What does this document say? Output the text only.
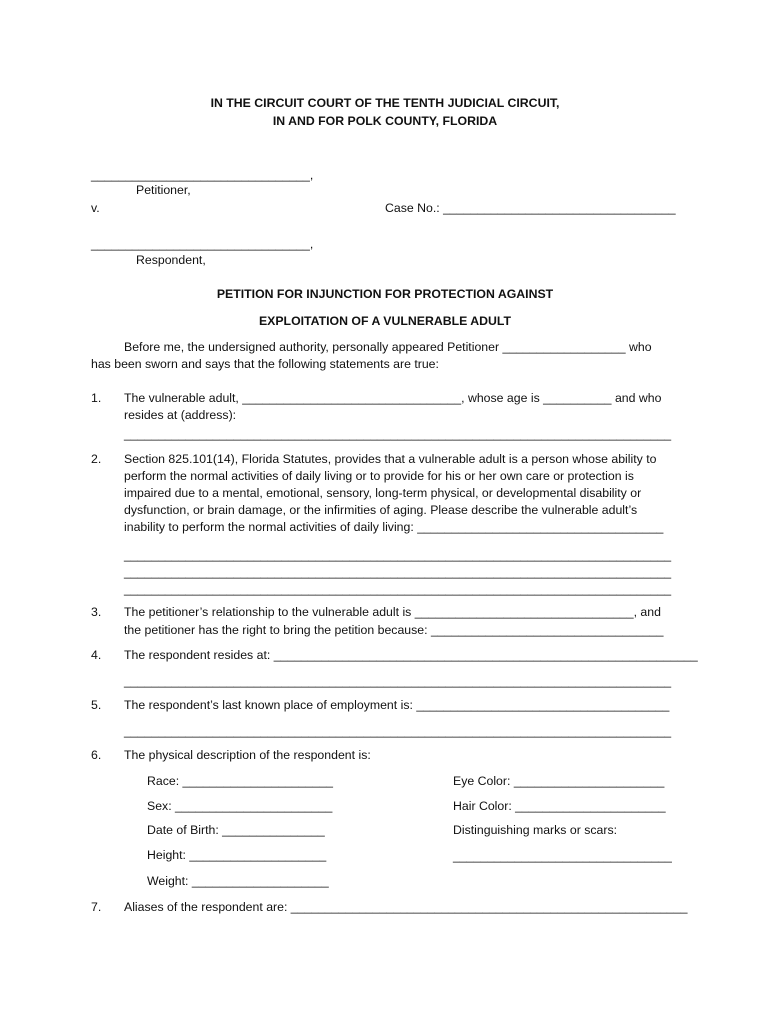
IN THE CIRCUIT COURT OF THE TENTH JUDICIAL CIRCUIT,
IN AND FOR POLK COUNTY, FLORIDA
________________________________,
Petitioner,
v.	Case No.: __________________________________
________________________________,
Respondent,
PETITION FOR INJUNCTION FOR PROTECTION AGAINST
EXPLOITATION OF A VULNERABLE ADULT
Before me, the undersigned authority, personally appeared Petitioner __________________ who
has been sworn and says that the following statements are true:
1. The vulnerable adult, ________________________________, whose age is __________ and who
resides at (address):
________________________________________________________________________________
2. Section 825.101(14), Florida Statutes, provides that a vulnerable adult is a person whose ability to
perform the normal activities of daily living or to provide for his or her own care or protection is
impaired due to a mental, emotional, sensory, long-term physical, or developmental disability or
dysfunction, or brain damage, or the infirmities of aging. Please describe the vulnerable adult’s
inability to perform the normal activities of daily living: ____________________________________
________________________________________________________________________________
________________________________________________________________________________
________________________________________________________________________________
3. The petitioner’s relationship to the vulnerable adult is ________________________________, and
the petitioner has the right to bring the petition because: __________________________________
4. The respondent resides at: ______________________________________________________________
________________________________________________________________________________
5. The respondent’s last known place of employment is: _____________________________________
________________________________________________________________________________
6. The physical description of the respondent is:
Race: ______________________
Sex: _______________________
Date of Birth: _______________
Height: ____________________
Weight: ____________________
Eye Color: ______________________
Hair Color: ______________________
Distinguishing marks or scars:
________________________________
7. Aliases of the respondent are: __________________________________________________________
